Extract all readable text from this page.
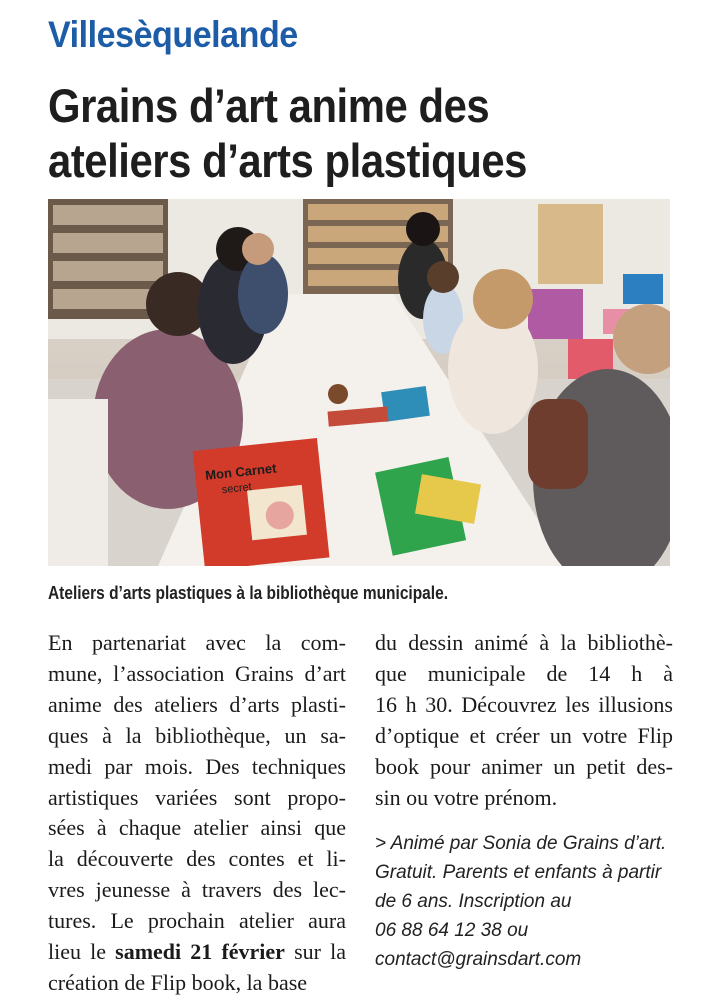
Villesèquelande
Grains d’art anime des
ateliers d’arts plastiques
Mon Carnet
secret
Ateliers d’arts plastiques à la bibliothèque municipale.
En partenariat avec la com-
mune, l’association Grains d’art
anime des ateliers d’arts plasti-
ques à la bibliothèque, un sa-
medi par mois. Des techniques
artistiques variées sont propo-
sées à chaque atelier ainsi que
la découverte des contes et li-
vres jeunesse à travers des lec-
tures. Le prochain atelier aura
lieu le samedi 21 février sur la
création de Flip book, la base
du dessin animé à la bibliothè-
que municipale de 14 h à
16 h 30. Découvrez les illusions
d’optique et créer un votre Flip
book pour animer un petit des-
sin ou votre prénom.
> Animé par Sonia de Grains d’art.
Gratuit. Parents et enfants à partir
de 6 ans. Inscription au
06 88 64 12 38 ou
contact@grainsdart.com
